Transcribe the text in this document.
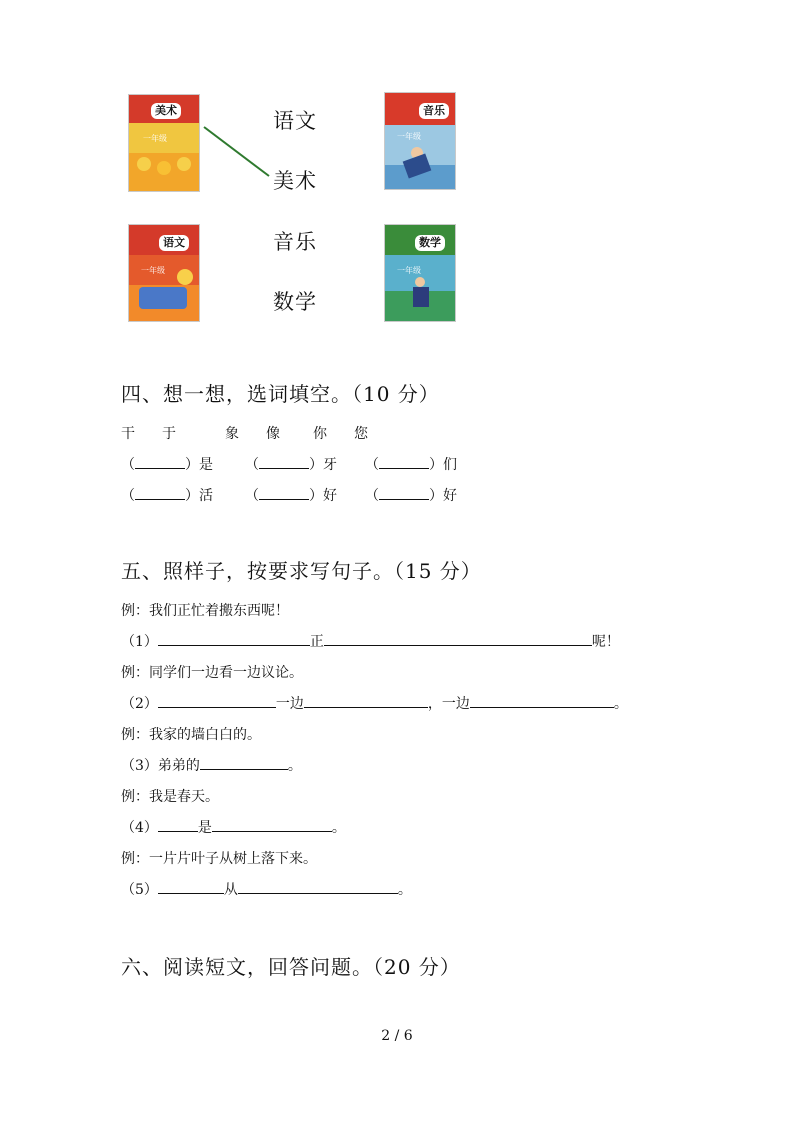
美术
一年级
音乐
一年级
语文
一年级
数学
一年级
语文
美术
音乐
数学
四、想一想，选词填空。（10 分）
干 于	象 像 你 您
（	）是 （	）牙 （	）们
（	）活 （	）好 （	）好
五、照样子，按要求写句子。（15 分）
例：我们正忙着搬东西呢！
（1）	正	呢！
例：同学们一边看一边议论。
（2）	一边	，一边	。
例：我家的墙白白的。
（3）弟弟的	。
例：我是春天。
（4）	是	。
例：一片片叶子从树上落下来。
（5）	从	。
六、阅读短文，回答问题。（20 分）
2 / 6
